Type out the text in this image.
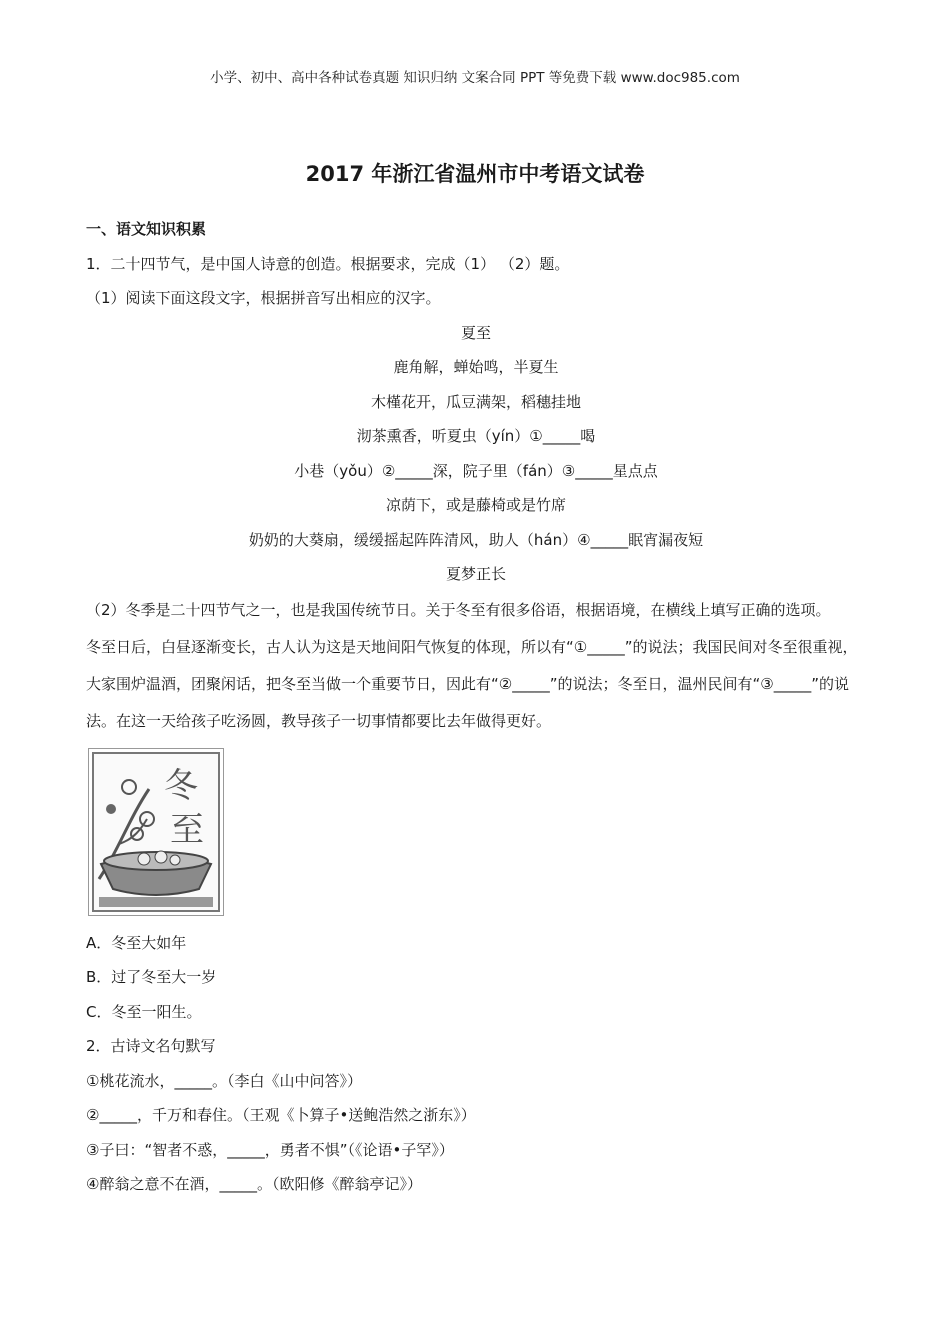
小学、初中、高中各种试卷真题 知识归纳 文案合同 PPT 等免费下载 www.doc985.com
2017 年浙江省温州市中考语文试卷
一、语文知识积累
1．二十四节气，是中国人诗意的创造。根据要求，完成（1） （2）题。
（1）阅读下面这段文字，根据拼音写出相应的汉字。
夏至
鹿角解，蝉始鸣，半夏生
木槿花开，瓜豆满架，稻穗挂地
沏茶熏香，听夏虫（yín）①_____喝
小巷（yǒu）②_____深，院子里（fán）③_____星点点
凉荫下，或是藤椅或是竹席
奶奶的大葵扇，缓缓摇起阵阵清风，助人（hán）④_____眠宵漏夜短
夏梦正长
（2）冬季是二十四节气之一，也是我国传统节日。关于冬至有很多俗语，根据语境，在横线上填写正确的选项。
冬至日后，白昼逐渐变长，古人认为这是天地间阳气恢复的体现，所以有“①_____”的说法；我国民间对冬至很重视，大家围炉温酒，团聚闲话，把冬至当做一个重要节日，因此有“②_____”的说法；冬至日，温州民间有“③_____”的说法。在这一天给孩子吃汤圆，教导孩子一切事情都要比去年做得更好。
冬
至
A．冬至大如年
B．过了冬至大一岁
C．冬至一阳生。
2．古诗文名句默写
①桃花流水，_____。（李白《山中问答》）
②_____，千万和春住。（王观《卜算子•送鲍浩然之浙东》）
③子曰：“智者不惑，_____，勇者不惧”（《论语•子罕》）
④醉翁之意不在酒，_____。（欧阳修《醉翁亭记》）
